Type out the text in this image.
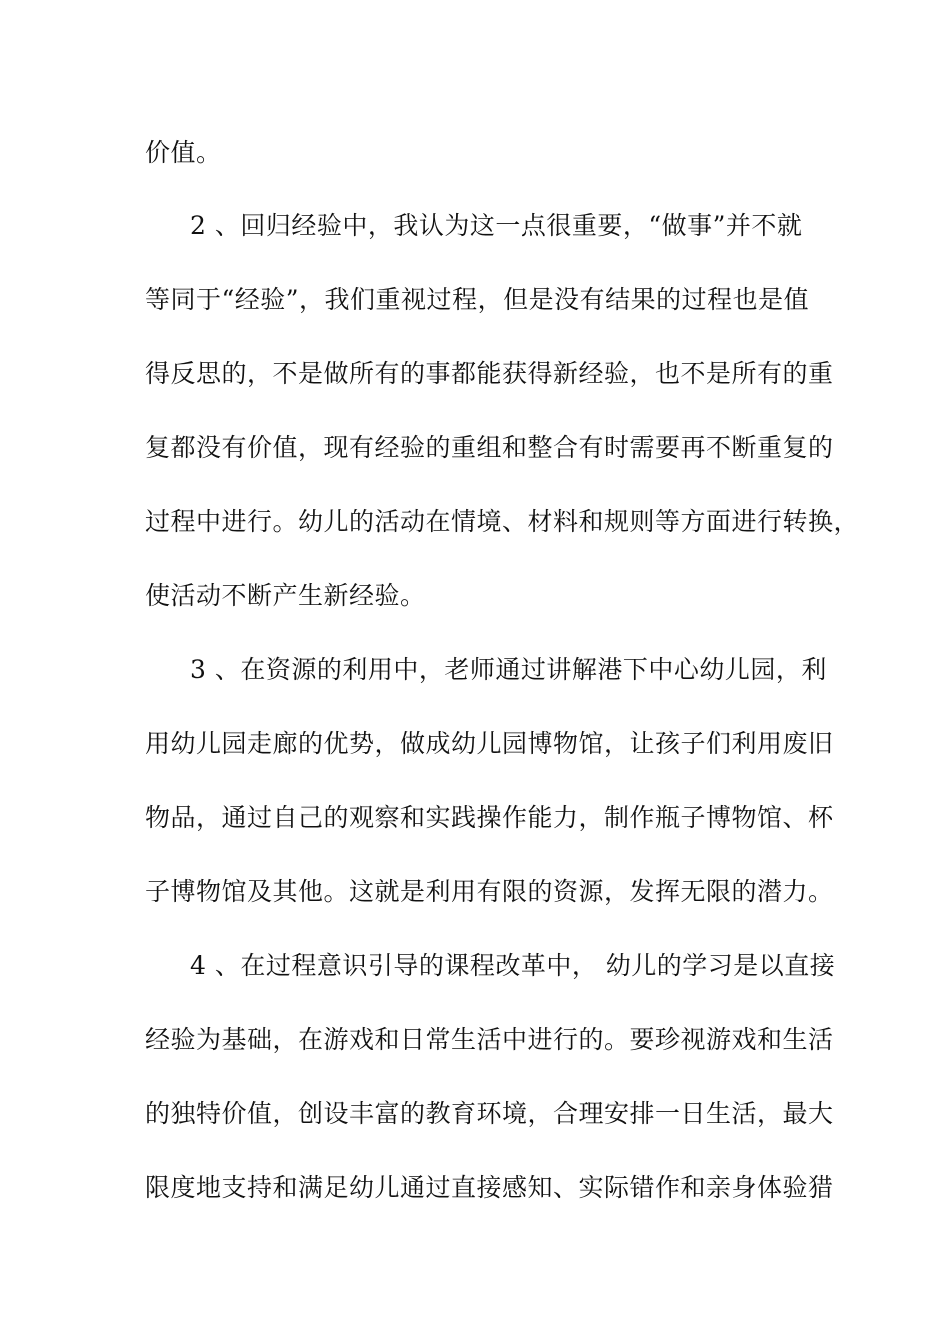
价值。
2 、回归经验中，我认为这一点很重要，“做事”并不就
等同于“经验”，我们重视过程，但是没有结果的过程也是值
得反思的，不是做所有的事都能获得新经验，也不是所有的重
复都没有价值，现有经验的重组和整合有时需要再不断重复的
过程中进行。幼儿的活动在情境、材料和规则等方面进行转换，
使活动不断产生新经验。
3 、在资源的利用中，老师通过讲解港下中心幼儿园，利
用幼儿园走廊的优势，做成幼儿园博物馆，让孩子们利用废旧
物品，通过自己的观察和实践操作能力，制作瓶子博物馆、杯
子博物馆及其他。这就是利用有限的资源，发挥无限的潜力。
4 、在过程意识引导的课程改革中， 幼儿的学习是以直接
经验为基础，在游戏和日常生活中进行的。要珍视游戏和生活
的独特价值，创设丰富的教育环境，合理安排一日生活，最大
限度地支持和满足幼儿通过直接感知、实际错作和亲身体验猎
